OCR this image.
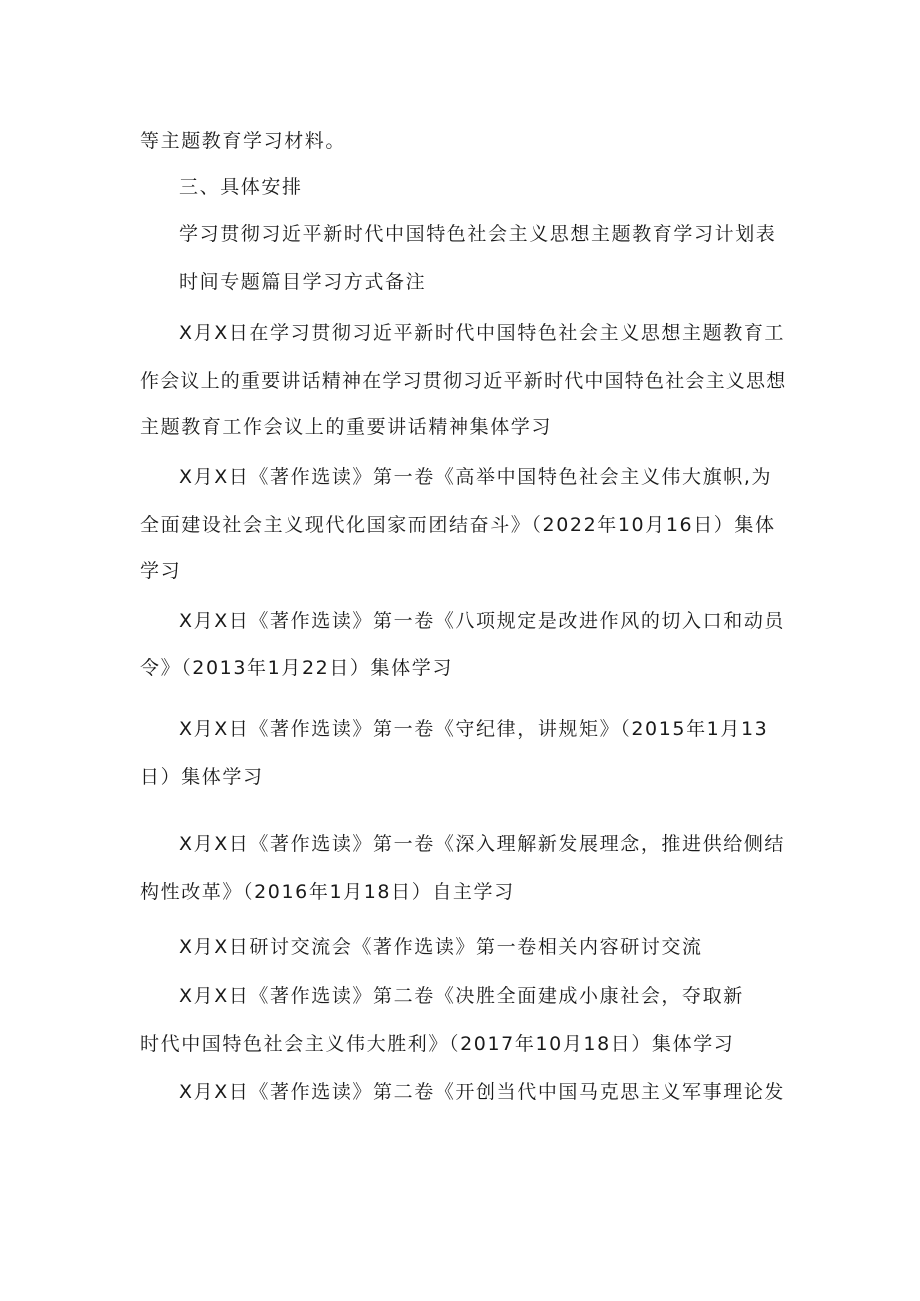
等主题教育学习材料。
三、具体安排
学习贯彻习近平新时代中国特色社会主义思想主题教育学习计划表
时间专题篇目学习方式备注
X月X日在学习贯彻习近平新时代中国特色社会主义思想主题教育工
作会议上的重要讲话精神在学习贯彻习近平新时代中国特色社会主义思想
主题教育工作会议上的重要讲话精神集体学习
X月X日《著作选读》第一卷《高举中国特色社会主义伟大旗帜,为
全面建设社会主义现代化国家而团结奋斗》（2022年10月16日）集体
学习
X月X日《著作选读》第一卷《八项规定是改进作风的切入口和动员
令》（2013年1月22日）集体学习
X月X日《著作选读》第一卷《守纪律，讲规矩》（2015年1月13
日）集体学习
X月X日《著作选读》第一卷《深入理解新发展理念，推进供给侧结
构性改革》（2016年1月18日）自主学习
X月X日研讨交流会《著作选读》第一卷相关内容研讨交流
X月X日《著作选读》第二卷《决胜全面建成小康社会，夺取新
时代中国特色社会主义伟大胜利》（2017年10月18日）集体学习
X月X日《著作选读》第二卷《开创当代中国马克思主义军事理论发
